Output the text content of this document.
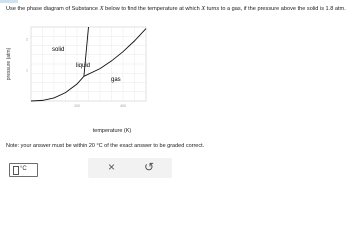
Use the phase diagram of Substance X below to find the temperature at which X turns to a gas, if the pressure above the solid is 1.8 atm.
200	400
2
1
solid
liquid
gas
pressure (atm)
temperature (K)
Note: your answer must be within 20 °C of the exact answer to be graded correct.
°C	× ↺
